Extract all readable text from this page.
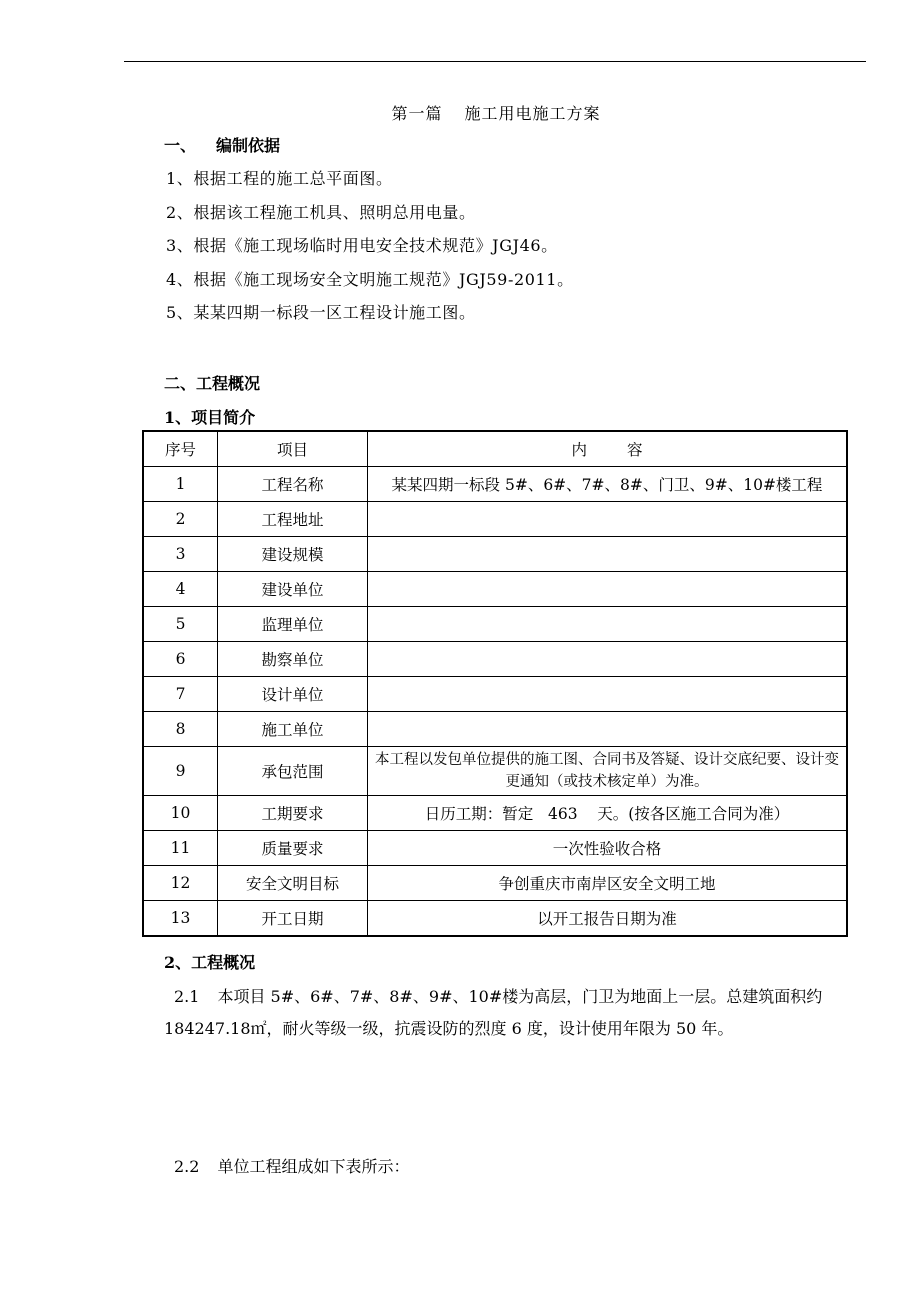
第一篇 施工用电施工方案
一、 编制依据
1、根据工程的施工总平面图。
2、根据该工程施工机具、照明总用电量。
3、根据《施工现场临时用电安全技术规范》JGJ46。
4、根据《施工现场安全文明施工规范》JGJ59-2011。
5、某某四期一标段一区工程设计施工图。
二、工程概况
1、项目简介
序号	项目	内 容
1	工程名称	某某四期一标段 5#、6#、7#、8#、门卫、9#、10#楼工程
2	工程地址	
3	建设规模	
4	建设单位	
5	监理单位	
6	勘察单位	
7	设计单位	
8	施工单位	
9	承包范围	本工程以发包单位提供的施工图、合同书及答疑、设计交底纪要、设计变更通知（或技术核定单）为准。
10	工期要求	日历工期：暂定   463    天。(按各区施工合同为准）
11	质量要求	一次性验收合格
12	安全文明目标	争创重庆市南岸区安全文明工地
13	开工日期	以开工报告日期为准
2、工程概况
2.1 本项目 5#、6#、7#、8#、9#、10#楼为高层，门卫为地面上一层。总建筑面积约 184247.18㎡，耐火等级一级，抗震设防的烈度 6 度，设计使用年限为 50 年。
2.2 单位工程组成如下表所示：
